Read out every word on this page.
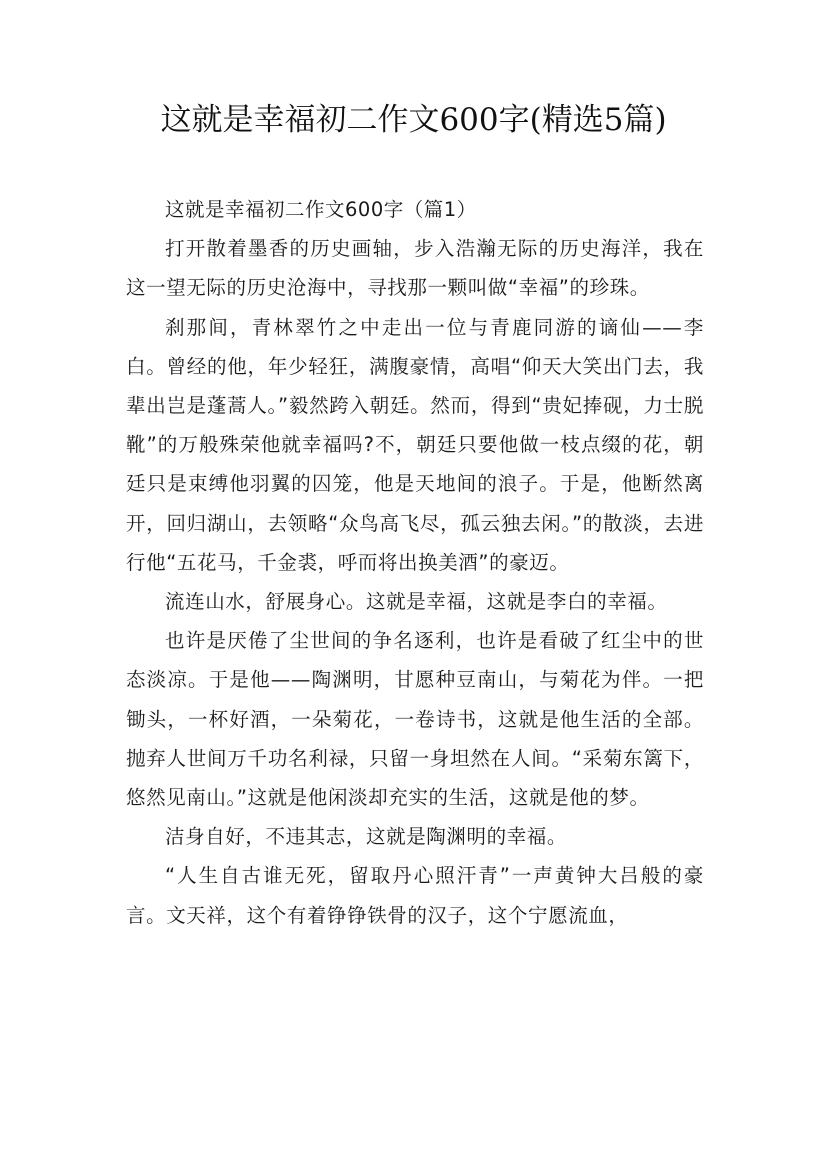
这就是幸福初二作文600字(精选5篇)

这就是幸福初二作文600字（篇1）

打开散着墨香的历史画轴，步入浩瀚无际的历史海洋，我在这一望无际的历史沧海中，寻找那一颗叫做“幸福”的珍珠。

刹那间，青林翠竹之中走出一位与青鹿同游的谪仙——李白。曾经的他，年少轻狂，满腹豪情，高唱“仰天大笑出门去，我辈出岂是蓬蒿人。”毅然跨入朝廷。然而，得到“贵妃捧砚，力士脱靴”的万般殊荣他就幸福吗?不，朝廷只要他做一枝点缀的花，朝廷只是束缚他羽翼的囚笼，他是天地间的浪子。于是，他断然离开，回归湖山，去领略“众鸟高飞尽，孤云独去闲。”的散淡，去进行他“五花马，千金裘，呼而将出换美酒”的豪迈。

流连山水，舒展身心。这就是幸福，这就是李白的幸福。

也许是厌倦了尘世间的争名逐利，也许是看破了红尘中的世态淡凉。于是他——陶渊明，甘愿种豆南山，与菊花为伴。一把锄头，一杯好酒，一朵菊花，一卷诗书，这就是他生活的全部。抛弃人世间万千功名利禄，只留一身坦然在人间。“采菊东篱下，悠然见南山。”这就是他闲淡却充实的生活，这就是他的梦。

洁身自好，不违其志，这就是陶渊明的幸福。

“人生自古谁无死，留取丹心照汗青”一声黄钟大吕般的豪言。文天祥，这个有着铮铮铁骨的汉子，这个宁愿流血，
